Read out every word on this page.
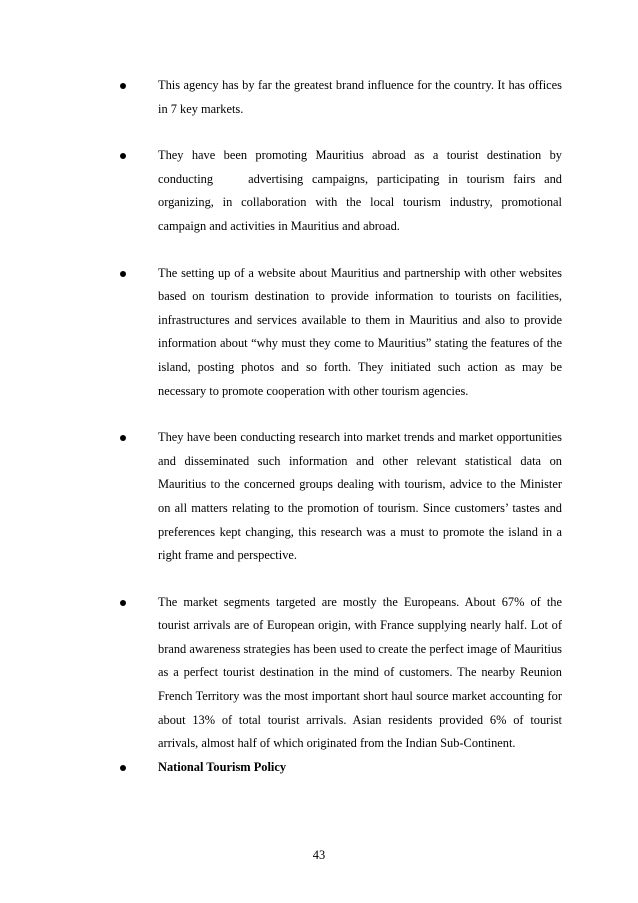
This agency has by far the greatest brand influence for the country. It has offices in 7 key markets.
They have been promoting Mauritius abroad as a tourist destination by conducting    advertising campaigns, participating in tourism fairs and organizing, in collaboration with the local tourism industry, promotional campaign and activities in Mauritius and abroad.
The setting up of a website about Mauritius and partnership with other websites based on tourism destination to provide information to tourists on facilities, infrastructures and services available to them in Mauritius and also to provide information about “why must they come to Mauritius” stating the features of the island, posting photos and so forth. They initiated such action as may be necessary to promote cooperation with other tourism agencies.
They have been conducting research into market trends and market opportunities and disseminated such information and other relevant statistical data on Mauritius to the concerned groups dealing with tourism, advice to the Minister on all matters relating to the promotion of tourism. Since customers’ tastes and preferences kept changing, this research was a must to promote the island in a right frame and perspective.
The market segments targeted are mostly the Europeans. About 67% of the tourist arrivals are of European origin, with France supplying nearly half. Lot of brand awareness strategies has been used to create the perfect image of Mauritius as a perfect tourist destination in the mind of customers. The nearby Reunion French Territory was the most important short haul source market accounting for about 13% of total tourist arrivals. Asian residents provided 6% of tourist arrivals, almost half of which originated from the Indian Sub-Continent.
National Tourism Policy
43
